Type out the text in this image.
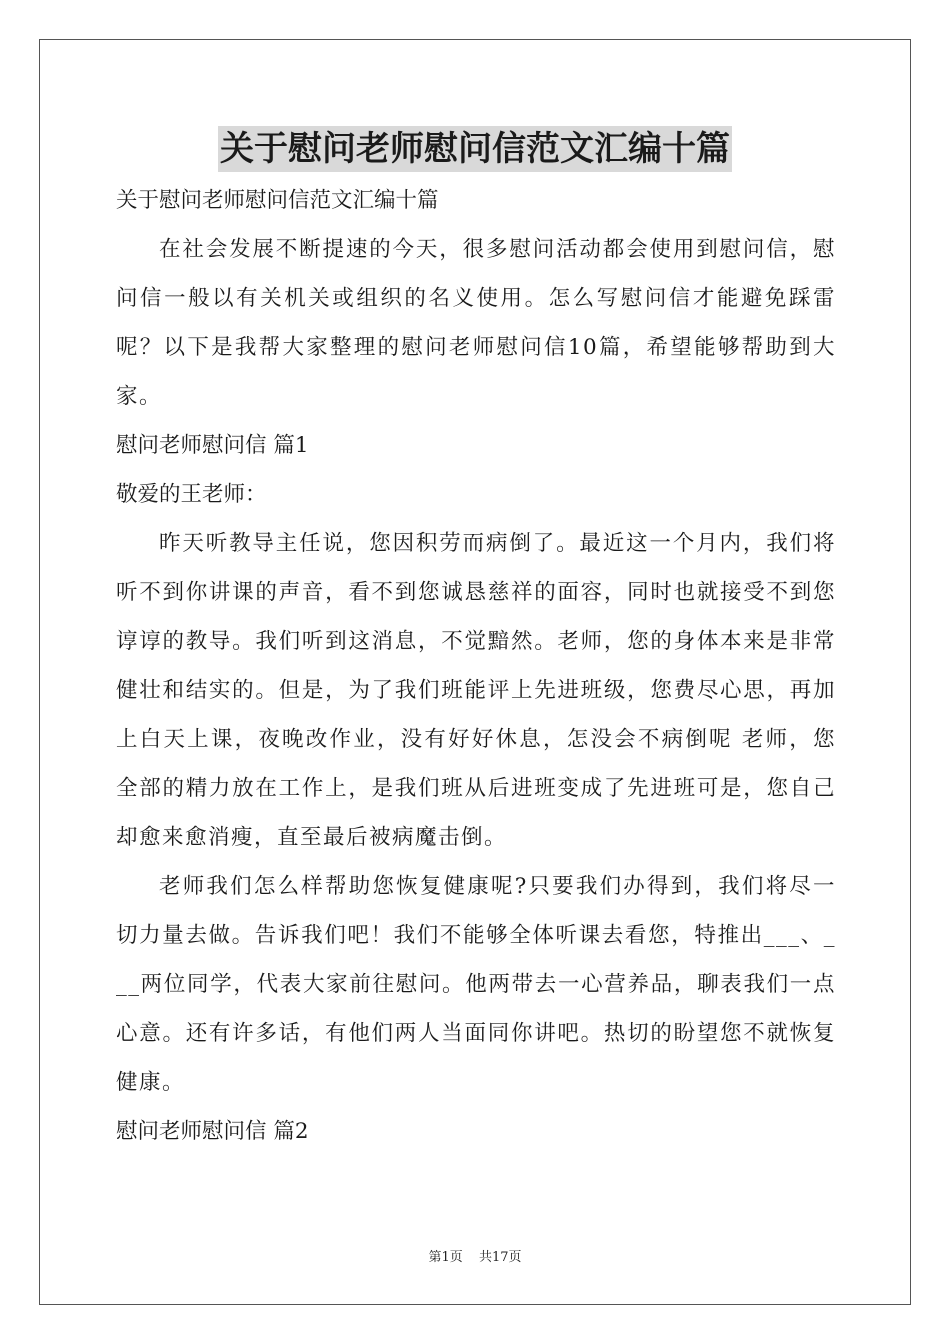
关于慰问老师慰问信范文汇编十篇

关于慰问老师慰问信范文汇编十篇

在社会发展不断提速的今天，很多慰问活动都会使用到慰问信，慰问信一般以有关机关或组织的名义使用。怎么写慰问信才能避免踩雷呢？以下是我帮大家整理的慰问老师慰问信10篇，希望能够帮助到大家。

慰问老师慰问信 篇1

敬爱的王老师：

昨天听教导主任说，您因积劳而病倒了。最近这一个月内，我们将听不到你讲课的声音，看不到您诚恳慈祥的面容，同时也就接受不到您谆谆的教导。我们听到这消息，不觉黯然。老师，您的身体本来是非常健壮和结实的。但是，为了我们班能评上先进班级，您费尽心思，再加上白天上课，夜晚改作业，没有好好休息，怎没会不病倒呢 老师，您全部的精力放在工作上，是我们班从后进班变成了先进班可是，您自己却愈来愈消瘦，直至最后被病魔击倒。

老师我们怎么样帮助您恢复健康呢?只要我们办得到，我们将尽一切力量去做。告诉我们吧！我们不能够全体听课去看您，特推出___、___两位同学，代表大家前往慰问。他两带去一心营养品，聊表我们一点心意。还有许多话，有他们两人当面同你讲吧。热切的盼望您不就恢复健康。

慰问老师慰问信 篇2

第1页 共17页
